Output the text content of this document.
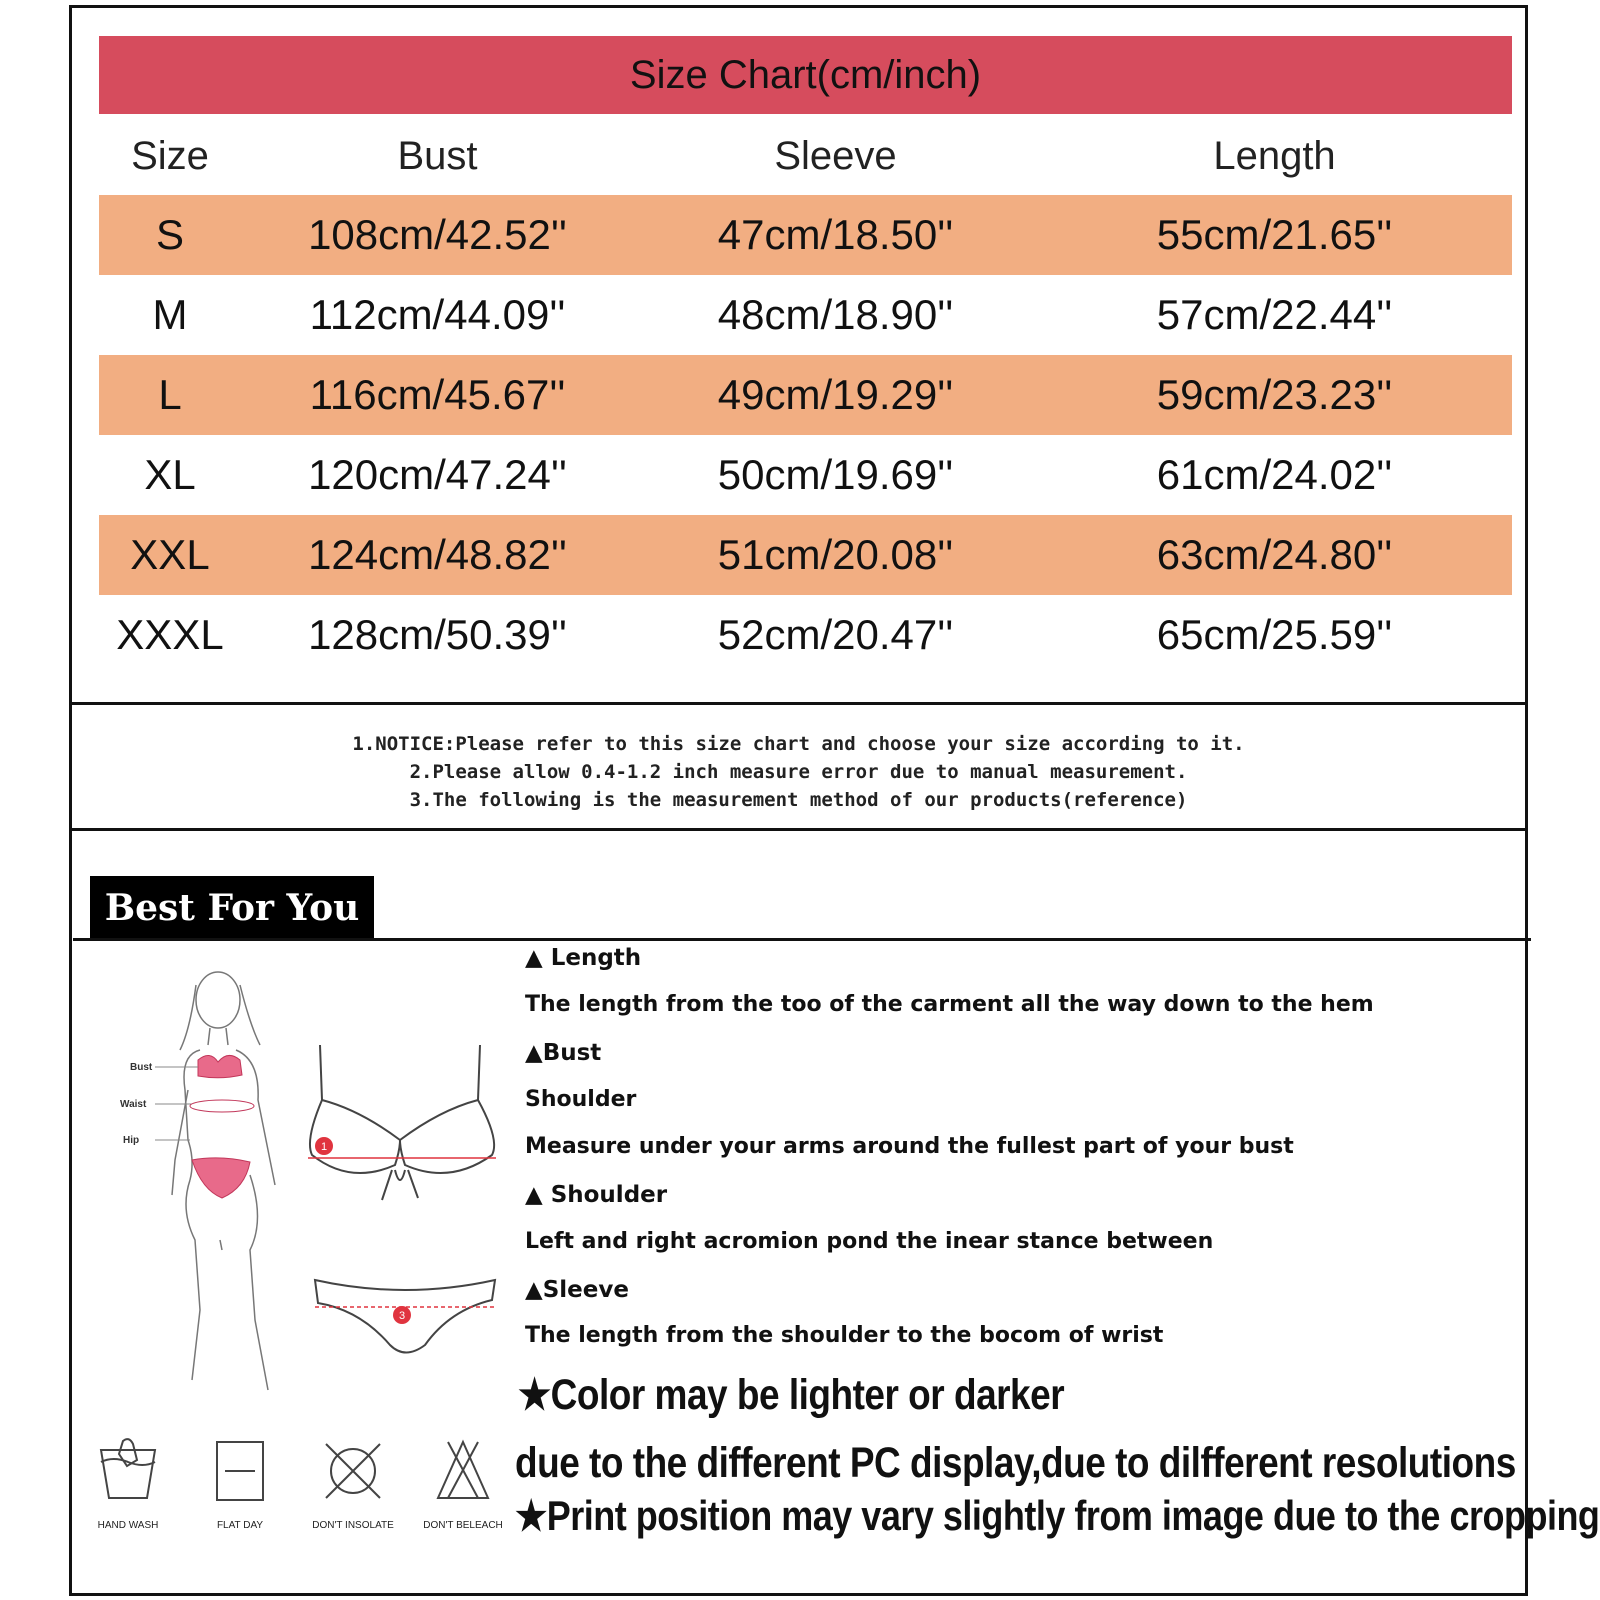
Size Chart(cm/inch)
Size	Bust	Sleeve	Length
S	108cm/42.52''	47cm/18.50''	55cm/21.65''
M	112cm/44.09''	48cm/18.90''	57cm/22.44''
L	116cm/45.67''	49cm/19.29''	59cm/23.23''
XL	120cm/47.24''	50cm/19.69''	61cm/24.02''
XXL	124cm/48.82''	51cm/20.08''	63cm/24.80''
XXXL	128cm/50.39''	52cm/20.47''	65cm/25.59''
1.NOTICE:Please refer to this size chart and choose your size according to it.
2.Please allow 0.4-1.2 inch measure error due to manual measurement.
3.The following is the measurement method of our products(reference)
Best For You
Bust
Waist
Hip
1
3
▲ Length
The length from the too of the carment all the way down to the hem
▲Bust
Shoulder
Measure under your arms around the fullest part of your bust
▲ Shoulder
Left and right acromion pond the inear stance between
▲Sleeve
The length from the shoulder to the bocom of wrist
★Color may be lighter or darker
due to the different PC display,due to dilfferent resolutions
★Print position may vary slightly from image due to the cropping
HAND WASH	FLAT DAY	DON'T INSOLATE	DON'T BELEACH
